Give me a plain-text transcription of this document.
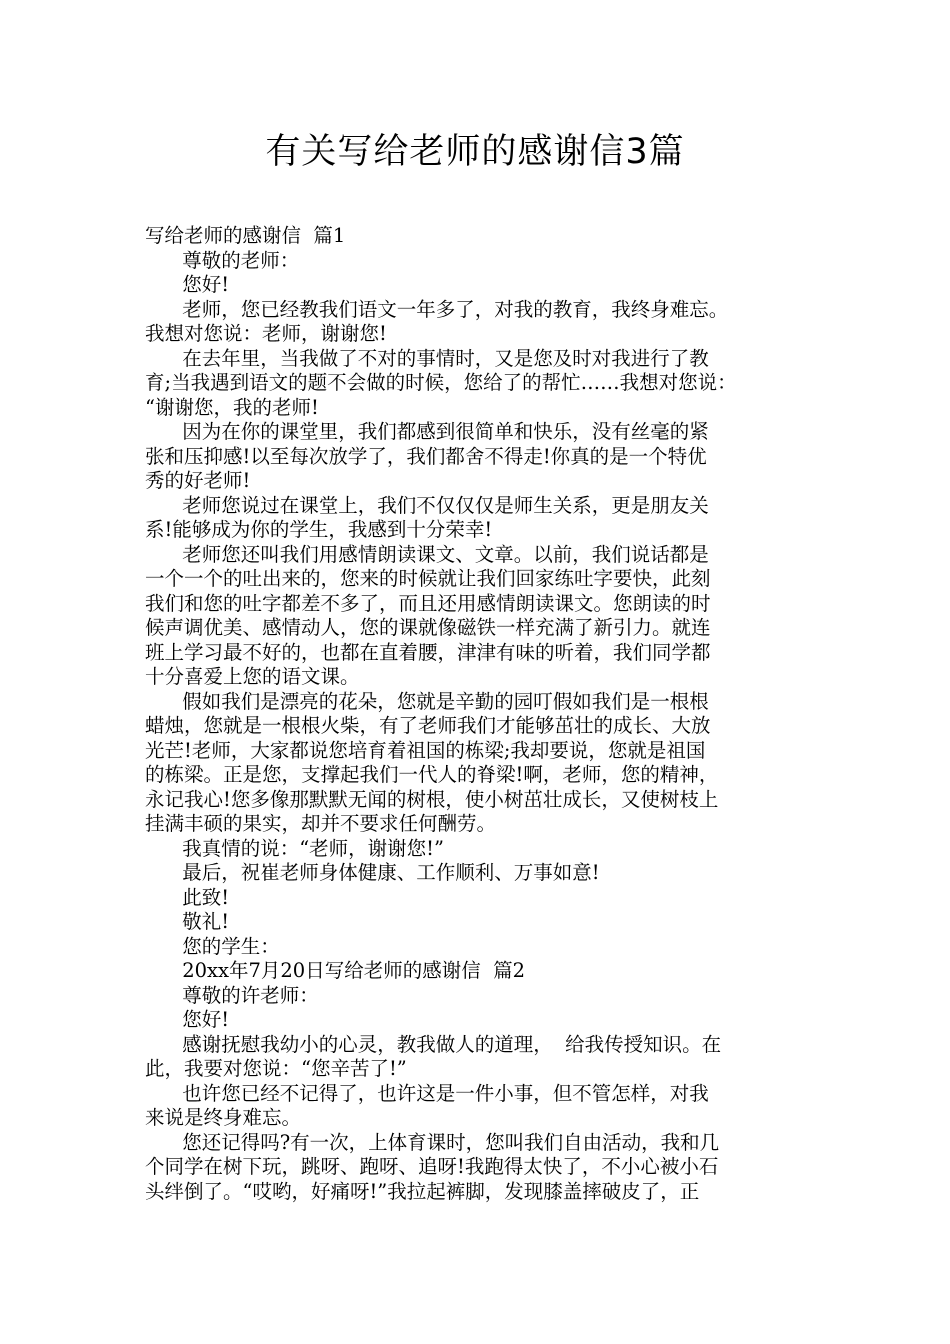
有关写给老师的感谢信3篇
写给老师的感谢信  篇1
尊敬的老师：
您好!
老师，您已经教我们语文一年多了，对我的教育，我终身难忘。
我想对您说：老师，谢谢您!
在去年里，当我做了不对的事情时，又是您及时对我进行了教
育;当我遇到语文的题不会做的时候，您给了的帮忙……我想对您说：
“谢谢您，我的老师!
因为在你的课堂里，我们都感到很简单和快乐，没有丝毫的紧
张和压抑感!以至每次放学了，我们都舍不得走!你真的是一个特优
秀的好老师!
老师您说过在课堂上，我们不仅仅仅是师生关系，更是朋友关
系!能够成为你的学生，我感到十分荣幸!
老师您还叫我们用感情朗读课文、文章。以前，我们说话都是
一个一个的吐出来的，您来的时候就让我们回家练吐字要快，此刻
我们和您的吐字都差不多了，而且还用感情朗读课文。您朗读的时
候声调优美、感情动人，您的课就像磁铁一样充满了新引力。就连
班上学习最不好的，也都在直着腰，津津有味的听着，我们同学都
十分喜爱上您的语文课。
假如我们是漂亮的花朵，您就是辛勤的园叮假如我们是一根根
蜡烛，您就是一根根火柴，有了老师我们才能够茁壮的成长、大放
光芒!老师，大家都说您培育着祖国的栋梁;我却要说，您就是祖国
的栋梁。正是您，支撑起我们一代人的脊梁!啊，老师，您的精神，
永记我心!您多像那默默无闻的树根，使小树茁壮成长，又使树枝上
挂满丰硕的果实，却并不要求任何酬劳。
我真情的说：“老师，谢谢您!”
最后，祝崔老师身体健康、工作顺利、万事如意!
此致!
敬礼!
您的学生：
20xx年7月20日写给老师的感谢信  篇2
尊敬的许老师：
您好!
感谢抚慰我幼小的心灵，教我做人的道理，  给我传授知识。在
此，我要对您说：“您辛苦了!”
也许您已经不记得了，也许这是一件小事，但不管怎样，对我
来说是终身难忘。
您还记得吗?有一次，上体育课时，您叫我们自由活动，我和几
个同学在树下玩，跳呀、跑呀、追呀!我跑得太快了，不小心被小石
头绊倒了。“哎哟，好痛呀!”我拉起裤脚，发现膝盖摔破皮了，正
